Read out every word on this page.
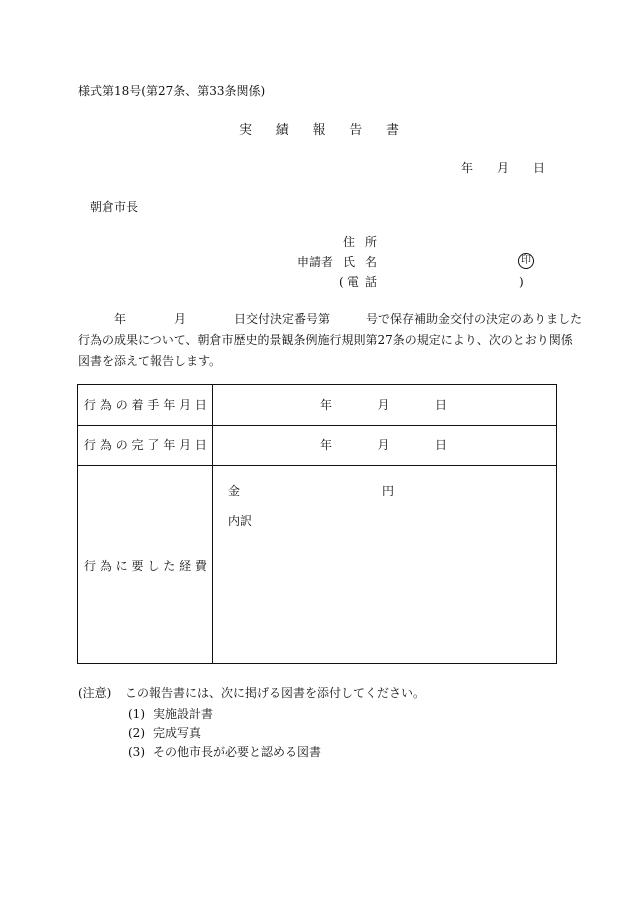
様式第18号(第27条、第33条関係)
実 績 報 告 書
年 月 日
朝倉市長
住 所
申請者 氏 名	印
( 電 話	)
年	月	日交付決定番号第	号で保存補助金交付の決定のありました
行為の成果について、朝倉市歴史的景観条例施行規則第27条の規定により、次のとおり関係
図書を添えて報告します。
行 為 の 着 手 年 月 日	年	月	日
行 為 の 完 了 年 月 日	年	月	日
行 為 に 要 し た 経 費
金	円
内訳
(注意) この報告書には、次に掲げる図書を添付してください。
(1) 実施設計書
(2) 完成写真
(3) その他市長が必要と認める図書
